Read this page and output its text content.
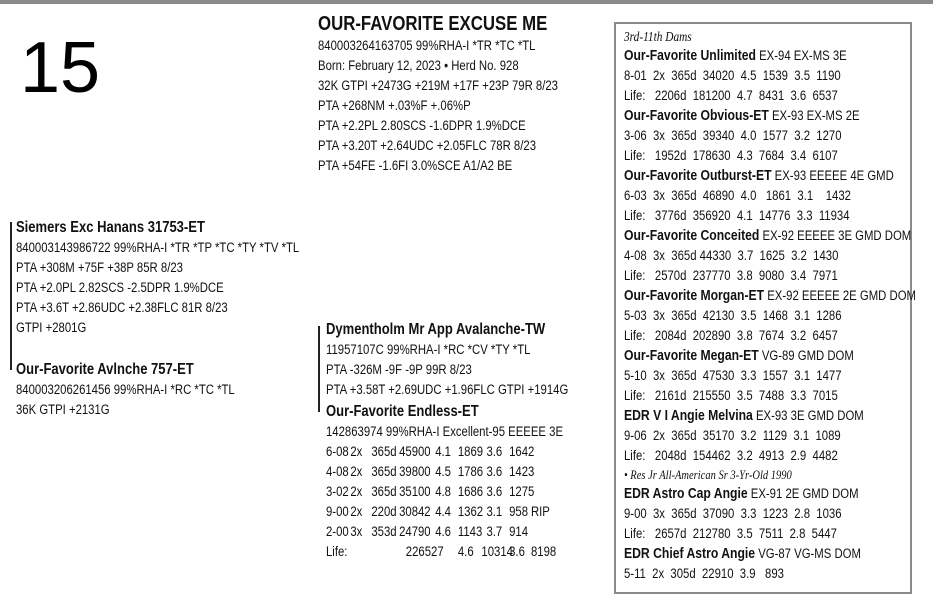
15
OUR-FAVORITE EXCUSE ME
840003264163705 99%RHA-I *TR *TC *TL
Born: February 12, 2023 • Herd No. 928
32K GTPI +2473G +219M +17F +23P 79R 8/23
PTA +268NM +.03%F +.06%P
PTA +2.2PL 2.80SCS -1.6DPR 1.9%DCE
PTA +3.20T +2.64UDC +2.05FLC 78R 8/23
PTA +54FE -1.6FI 3.0%SCE A1/A2 BE
Siemers Exc Hanans 31753-ET
840003143986722 99%RHA-I *TR *TP *TC *TY *TV *TL
PTA +308M +75F +38P 85R 8/23
PTA +2.0PL 2.82SCS -2.5DPR 1.9%DCE
PTA +3.6T +2.86UDC +2.38FLC 81R 8/23
GTPI +2801G
Our-Favorite Avlnche 757-ET
840003206261456 99%RHA-I *RC *TC *TL
36K GTPI +2131G
Dymentholm Mr App Avalanche-TW
11957107C 99%RHA-I *RC *CV *TY *TL
PTA -326M -9F -9P 99R 8/23
PTA +3.58T +2.69UDC +1.96FLC GTPI +1914G
Our-Favorite Endless-ET
142863974 99%RHA-I Excellent-95 EEEEE 3E
6-08 2x 365d 45900 4.1 1869 3.6 1642
4-08 2x 365d 39800 4.5 1786 3.6 1423
3-02 2x 365d 35100 4.8 1686 3.6 1275
9-00 2x 220d 30842 4.4 1362 3.1 958 RIP
2-00 3x 353d 24790 4.6 1143 3.7 914
Life:	226527 4.6 10314
3.6 8198
3rd-11th Dams
Our-Favorite Unlimited EX-94 EX-MS 3E
8-01  2x  365d  34020  4.5  1539  3.5  1190
Life:   2206d  181200  4.7  8431  3.6  6537
Our-Favorite Obvious-ET EX-93 EX-MS 2E
3-06  3x  365d  39340  4.0  1577  3.2  1270
Life:   1952d  178630  4.3  7684  3.4  6107
Our-Favorite Outburst-ET EX-93 EEEEE 4E GMD
6-03  3x  365d  46890  4.0   1861  3.1    1432
Life:   3776d  356920  4.1  14776  3.3  11934
Our-Favorite Conceited EX-92 EEEEE 3E GMD DOM
4-08  3x  365d 44330  3.7  1625  3.2  1430
Life:   2570d  237770  3.8  9080  3.4  7971
Our-Favorite Morgan-ET EX-92 EEEEE 2E GMD DOM
5-03  3x  365d  42130  3.5  1468  3.1  1286
Life:   2084d  202890  3.8  7674  3.2  6457
Our-Favorite Megan-ET VG-89 GMD DOM
5-10  3x  365d  47530  3.3  1557  3.1  1477
Life:   2161d  215550  3.5  7488  3.3  7015
EDR V I Angie Melvina EX-93 3E GMD DOM
9-06  2x  365d  35170  3.2  1129  3.1  1089
Life:   2048d  154462  3.2  4913  2.9  4482
• Res Jr All-American Sr 3-Yr-Old 1990
EDR Astro Cap Angie EX-91 2E GMD DOM
9-00  3x  365d  37090  3.3  1223  2.8  1036
Life:   2657d  212780  3.5  7511  2.8  5447
EDR Chief Astro Angie VG-87 VG-MS DOM
5-11  2x  305d  22910  3.9   893
